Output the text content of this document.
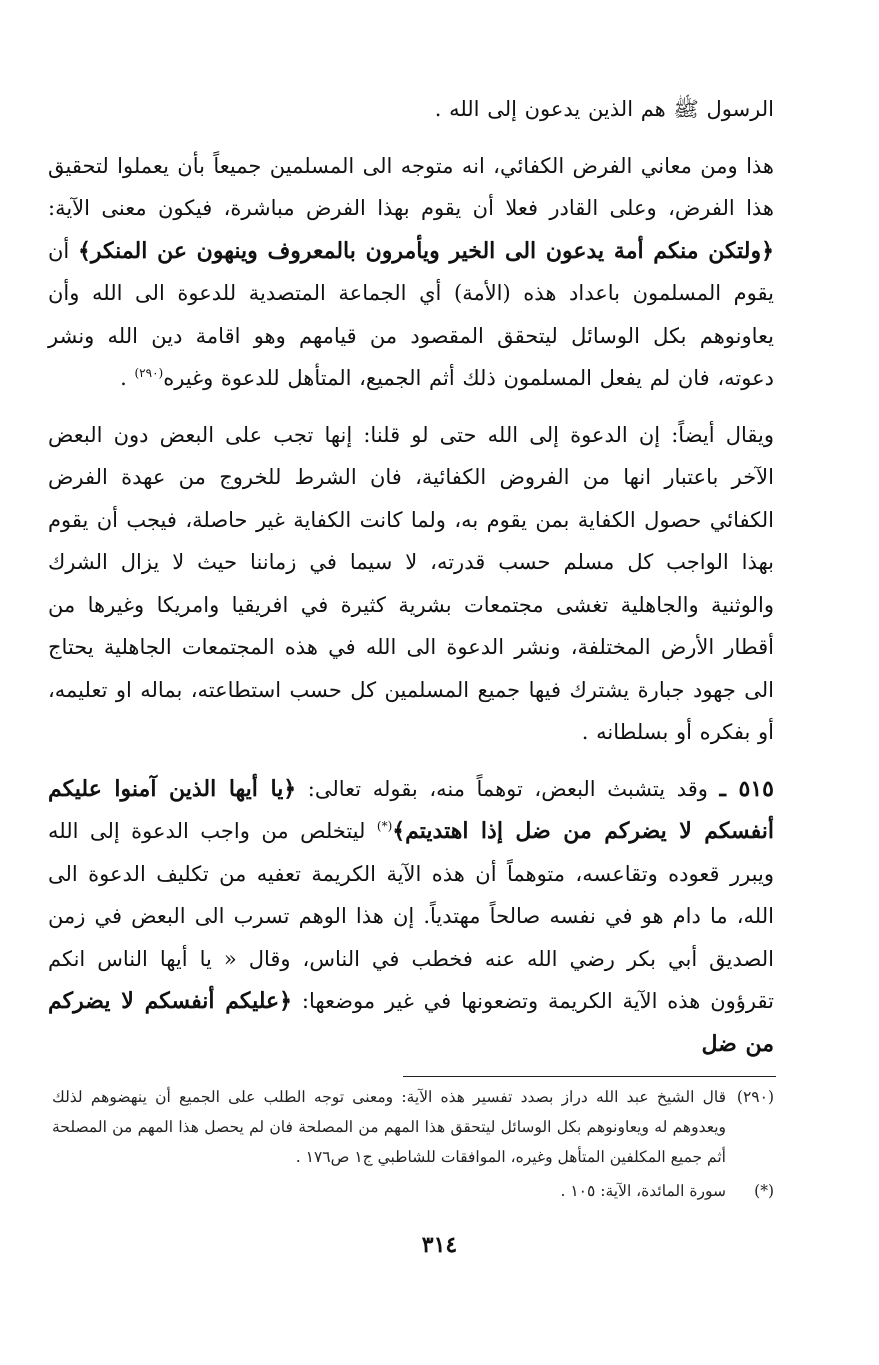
الرسول ﷺ هم الذين يدعون إلى الله .

هذا ومن معاني الفرض الكفائي، انه متوجه الى المسلمين جميعاً بأن يعملوا لتحقيق هذا الفرض، وعلى القادر فعلا أن يقوم بهذا الفرض مباشرة، فيكون معنى الآية: ﴿ولتكن منكم أمة يدعون الى الخير ويأمرون بالمعروف وينهون عن المنكر﴾ أن يقوم المسلمون باعداد هذه (الأمة) أي الجماعة المتصدية للدعوة الى الله وأن يعاونوهم بكل الوسائل ليتحقق المقصود من قيامهم وهو اقامة دين الله ونشر دعوته، فان لم يفعل المسلمون ذلك أثم الجميع، المتأهل للدعوة وغيره$^{(٢٩٠)}$ .

ويقال أيضاً: إن الدعوة إلى الله حتى لو قلنا: إنها تجب على البعض دون البعض الآخر باعتبار انها من الفروض الكفائية، فان الشرط للخروج من عهدة الفرض الكفائي حصول الكفاية بمن يقوم به، ولما كانت الكفاية غير حاصلة، فيجب أن يقوم بهذا الواجب كل مسلم حسب قدرته، لا سيما في زماننا حيث لا يزال الشرك والوثنية والجاهلية تغشى مجتمعات بشرية كثيرة في افريقيا وامريكا وغيرها من أقطار الأرض المختلفة، ونشر الدعوة الى الله في هذه المجتمعات الجاهلية يحتاج الى جهود جبارة يشترك فيها جميع المسلمين كل حسب استطاعته، بماله او تعليمه، أو بفكره أو بسلطانه .

٥١٥ ـ وقد يتشبث البعض، توهماً منه، بقوله تعالى: ﴿يا أيها الذين آمنوا عليكم أنفسكم لا يضركم من ضل إذا اهتديتم﴾(*) ليتخلص من واجب الدعوة إلى الله ويبرر قعوده وتقاعسه، متوهماً أن هذه الآية الكريمة تعفيه من تكليف الدعوة الى الله، ما دام هو في نفسه صالحاً مهتدياً. إن هذا الوهم تسرب الى البعض في زمن الصديق أبي بكر رضي الله عنه فخطب في الناس، وقال « يا أيها الناس انكم تقرؤون هذه الآية الكريمة وتضعونها في غير موضعها: ﴿عليكم أنفسكم لا يضركم من ضل

(٢٩٠)
قال الشيخ عبد الله دراز بصدد تفسير هذه الآية: ومعنى توجه الطلب على الجميع أن ينهضوهم لذلك ويعدوهم له ويعاونوهم بكل الوسائل ليتحقق هذا المهم من المصلحة فان لم يحصل هذا المهم من المصلحة أثم جميع المكلفين المتأهل وغيره، الموافقات للشاطبي ج١ ص١٧٦ .
(*)
سورة المائدة، الآية: ١٠٥ .
٣١٤
